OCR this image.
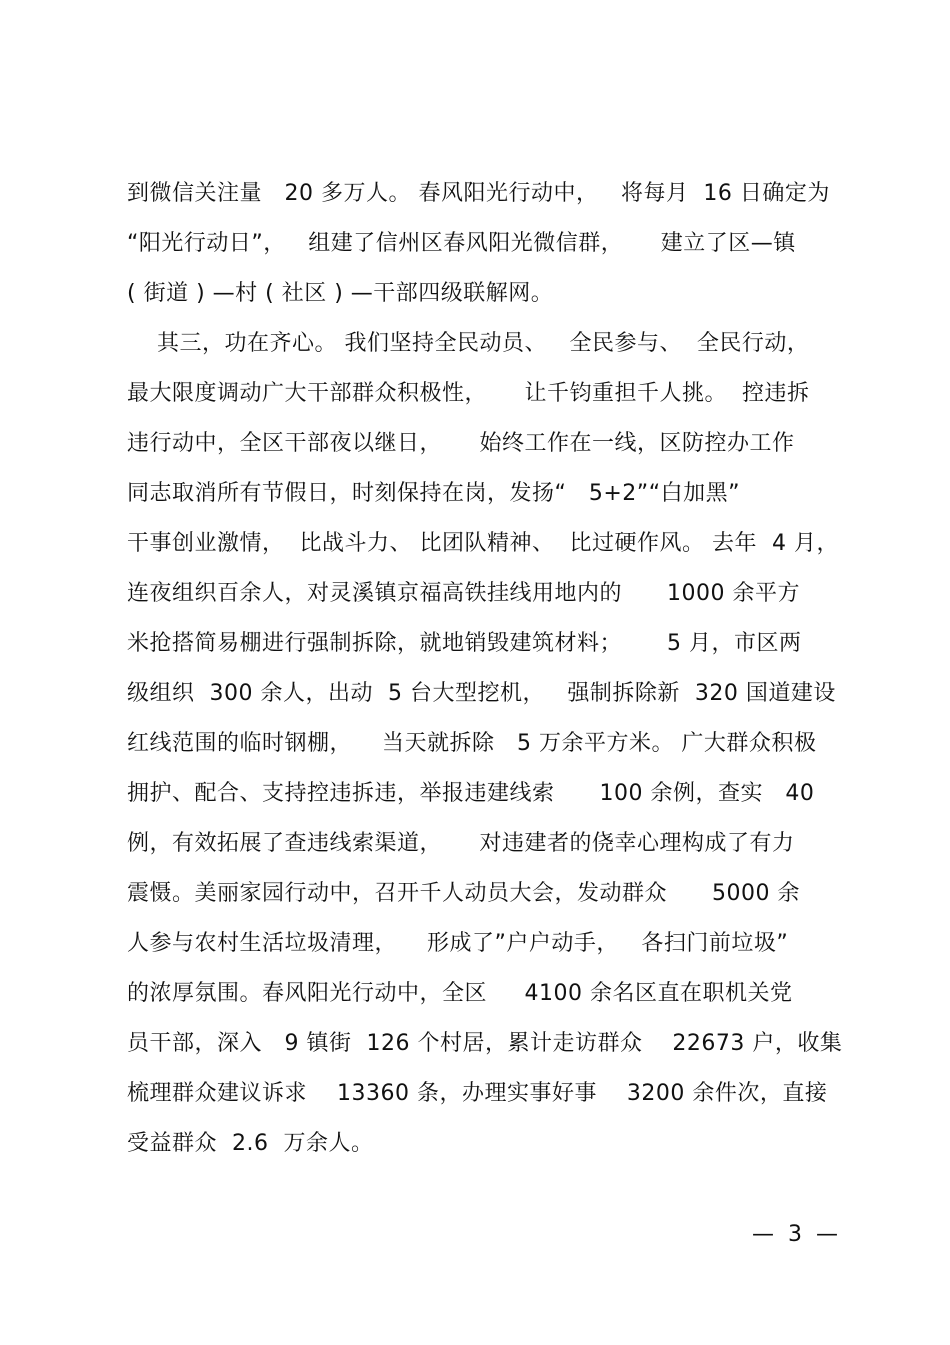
到微信关注量   20 多万人。 春风阳光行动中，   将每月  16 日确定为
“阳光行动日”，   组建了信州区春风阳光微信群，     建立了区—镇
( 街道 ) —村 ( 社区 ) —干部四级联解网。
其三，功在齐心。 我们坚持全民动员、   全民参与、  全民行动，
最大限度调动广大干部群众积极性，     让千钧重担千人挑。  控违拆
违行动中，全区干部夜以继日，     始终工作在一线，区防控办工作
同志取消所有节假日，时刻保持在岗，发扬“   5+2”“白加黑”
干事创业激情，  比战斗力、 比团队精神、  比过硬作风。 去年  4 月，
连夜组织百余人，对灵溪镇京福高铁挂线用地内的      1000 余平方
米抢搭简易棚进行强制拆除，就地销毁建筑材料；      5 月，市区两
级组织  300 余人，出动  5 台大型挖机，   强制拆除新  320 国道建设
红线范围的临时钢棚，    当天就拆除   5 万余平方米。 广大群众积极
拥护、配合、支持控违拆违，举报违建线索      100 余例，查实   40
例，有效拓展了查违线索渠道，     对违建者的侥幸心理构成了有力
震慑。美丽家园行动中，召开千人动员大会，发动群众      5000 余
人参与农村生活垃圾清理，    形成了”户户动手，   各扫门前垃圾”
的浓厚氛围。春风阳光行动中，全区     4100 余名区直在职机关党
员干部，深入   9 镇街  126 个村居，累计走访群众    22673 户，收集
梳理群众建议诉求    13360 条，办理实事好事    3200 余件次，直接
受益群众  2.6  万余人。
—  3  —
